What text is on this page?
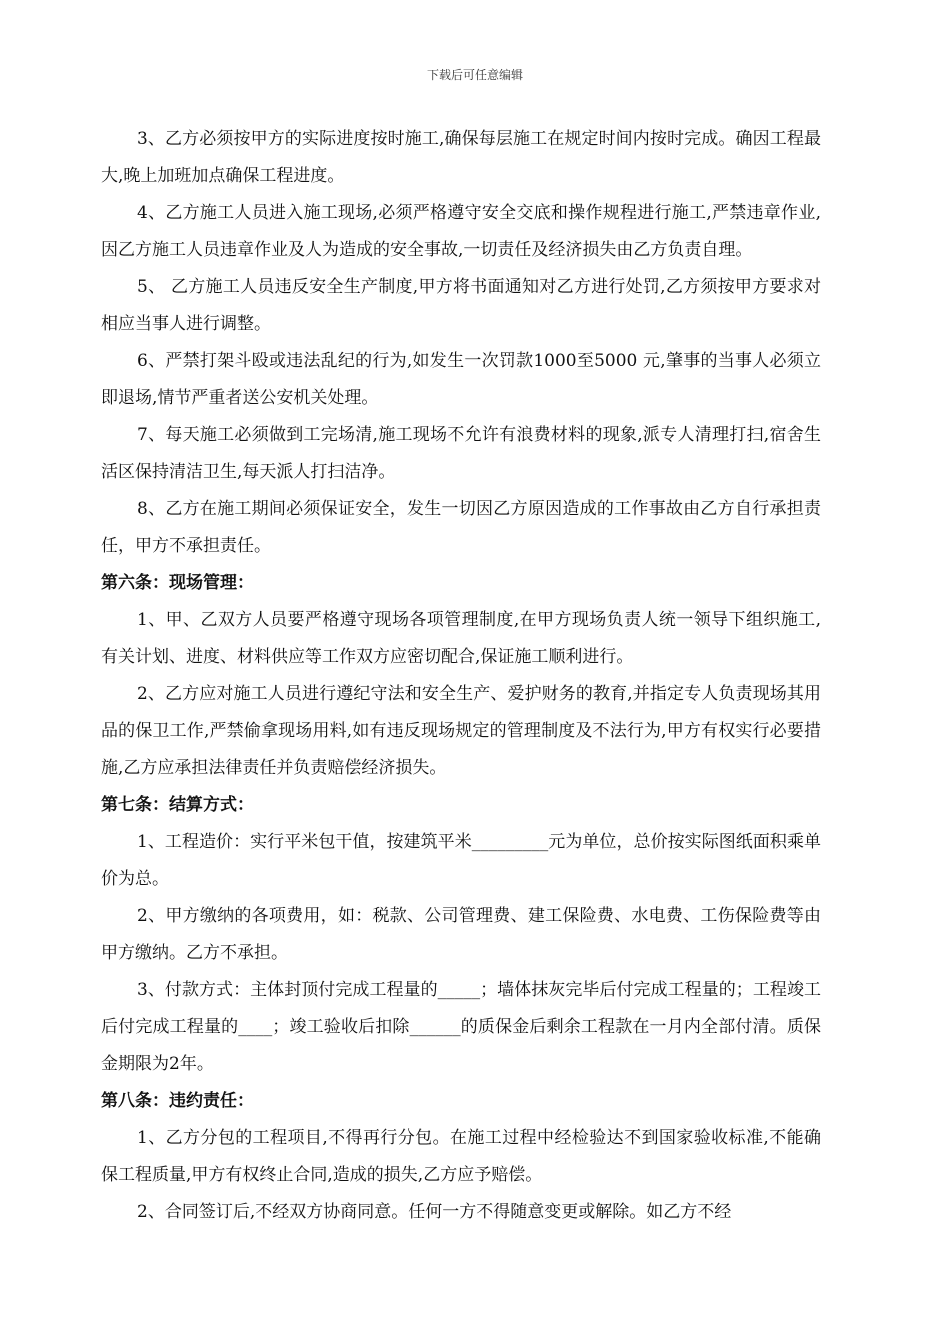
下载后可任意编辑

3、乙方必须按甲方的实际进度按时施工,确保每层施工在规定时间内按时完成。确因工程最大,晚上加班加点确保工程进度。

4、乙方施工人员进入施工现场,必须严格遵守安全交底和操作规程进行施工,严禁违章作业,因乙方施工人员违章作业及人为造成的安全事故,一切责任及经济损失由乙方负责自理。

5、 乙方施工人员违反安全生产制度,甲方将书面通知对乙方进行处罚,乙方须按甲方要求对相应当事人进行调整。

6、严禁打架斗殴或违法乱纪的行为,如发生一次罚款1000至5000 元,肇事的当事人必须立即退场,情节严重者送公安机关处理。

7、每天施工必须做到工完场清,施工现场不允许有浪费材料的现象,派专人清理打扫,宿舍生活区保持清洁卫生,每天派人打扫洁净。

8、乙方在施工期间必须保证安全，发生一切因乙方原因造成的工作事故由乙方自行承担责任，甲方不承担责任。

第六条：现场管理：

1、甲、乙双方人员要严格遵守现场各项管理制度,在甲方现场负责人统一领导下组织施工,有关计划、进度、材料供应等工作双方应密切配合,保证施工顺利进行。

2、乙方应对施工人员进行遵纪守法和安全生产、爱护财务的教育,并指定专人负责现场其用品的保卫工作,严禁偷拿现场用料,如有违反现场规定的管理制度及不法行为,甲方有权实行必要措施,乙方应承担法律责任并负责赔偿经济损失。

第七条：结算方式：

1、工程造价：实行平米包干值，按建筑平米_________元为单位，总价按实际图纸面积乘单价为总。

2、甲方缴纳的各项费用，如：税款、公司管理费、建工保险费、水电费、工伤保险费等由甲方缴纳。乙方不承担。

3、付款方式：主体封顶付完成工程量的_____；墙体抹灰完毕后付完成工程量的；工程竣工后付完成工程量的____；竣工验收后扣除______的质保金后剩余工程款在一月内全部付清。质保金期限为2年。

第八条：违约责任：

1、乙方分包的工程项目,不得再行分包。在施工过程中经检验达不到国家验收标准,不能确保工程质量,甲方有权终止合同,造成的损失,乙方应予赔偿。

2、合同签订后,不经双方协商同意。任何一方不得随意变更或解除。如乙方不经
